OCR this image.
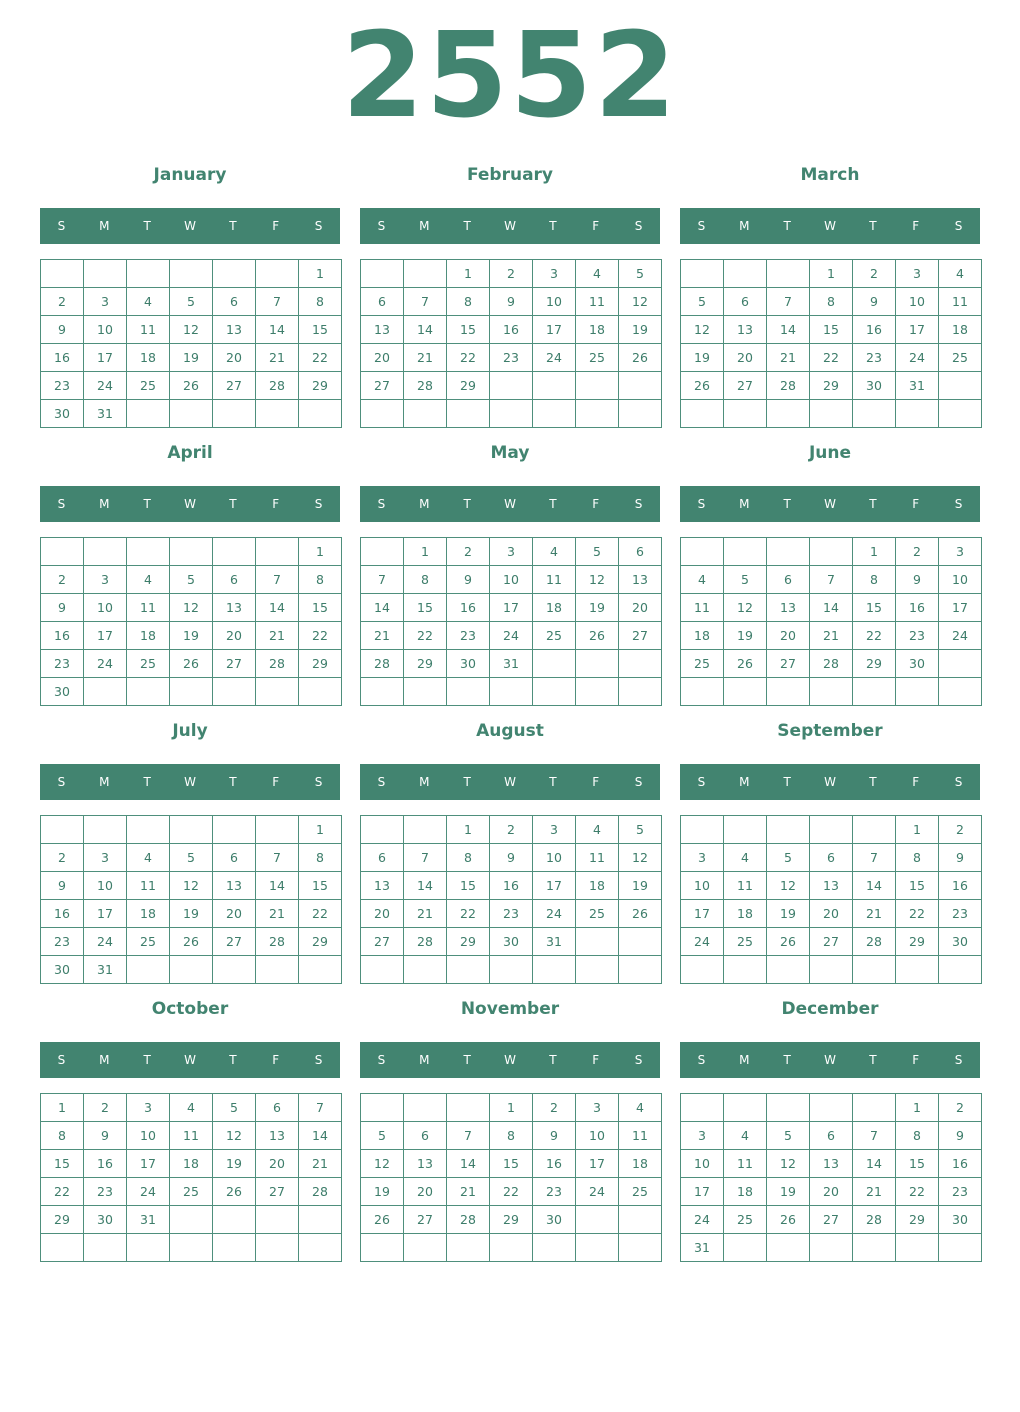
2552
January
S	M	T	W	T	F	S
						1
2	3	4	5	6	7	8
9	10	11	12	13	14	15
16	17	18	19	20	21	22
23	24	25	26	27	28	29
30	31					
February
S	M	T	W	T	F	S
		1	2	3	4	5
6	7	8	9	10	11	12
13	14	15	16	17	18	19
20	21	22	23	24	25	26
27	28	29				

March
S	M	T	W	T	F	S
			1	2	3	4
5	6	7	8	9	10	11
12	13	14	15	16	17	18
19	20	21	22	23	24	25
26	27	28	29	30	31	

April
S	M	T	W	T	F	S
						1
2	3	4	5	6	7	8
9	10	11	12	13	14	15
16	17	18	19	20	21	22
23	24	25	26	27	28	29
30						
May
S	M	T	W	T	F	S
	1	2	3	4	5	6
7	8	9	10	11	12	13
14	15	16	17	18	19	20
21	22	23	24	25	26	27
28	29	30	31			

June
S	M	T	W	T	F	S
				1	2	3
4	5	6	7	8	9	10
11	12	13	14	15	16	17
18	19	20	21	22	23	24
25	26	27	28	29	30	

July
S	M	T	W	T	F	S
						1
2	3	4	5	6	7	8
9	10	11	12	13	14	15
16	17	18	19	20	21	22
23	24	25	26	27	28	29
30	31					
August
S	M	T	W	T	F	S
		1	2	3	4	5
6	7	8	9	10	11	12
13	14	15	16	17	18	19
20	21	22	23	24	25	26
27	28	29	30	31		

September
S	M	T	W	T	F	S
					1	2
3	4	5	6	7	8	9
10	11	12	13	14	15	16
17	18	19	20	21	22	23
24	25	26	27	28	29	30

October
S	M	T	W	T	F	S
1	2	3	4	5	6	7
8	9	10	11	12	13	14
15	16	17	18	19	20	21
22	23	24	25	26	27	28
29	30	31				

November
S	M	T	W	T	F	S
			1	2	3	4
5	6	7	8	9	10	11
12	13	14	15	16	17	18
19	20	21	22	23	24	25
26	27	28	29	30		

December
S	M	T	W	T	F	S
					1	2
3	4	5	6	7	8	9
10	11	12	13	14	15	16
17	18	19	20	21	22	23
24	25	26	27	28	29	30
31						
